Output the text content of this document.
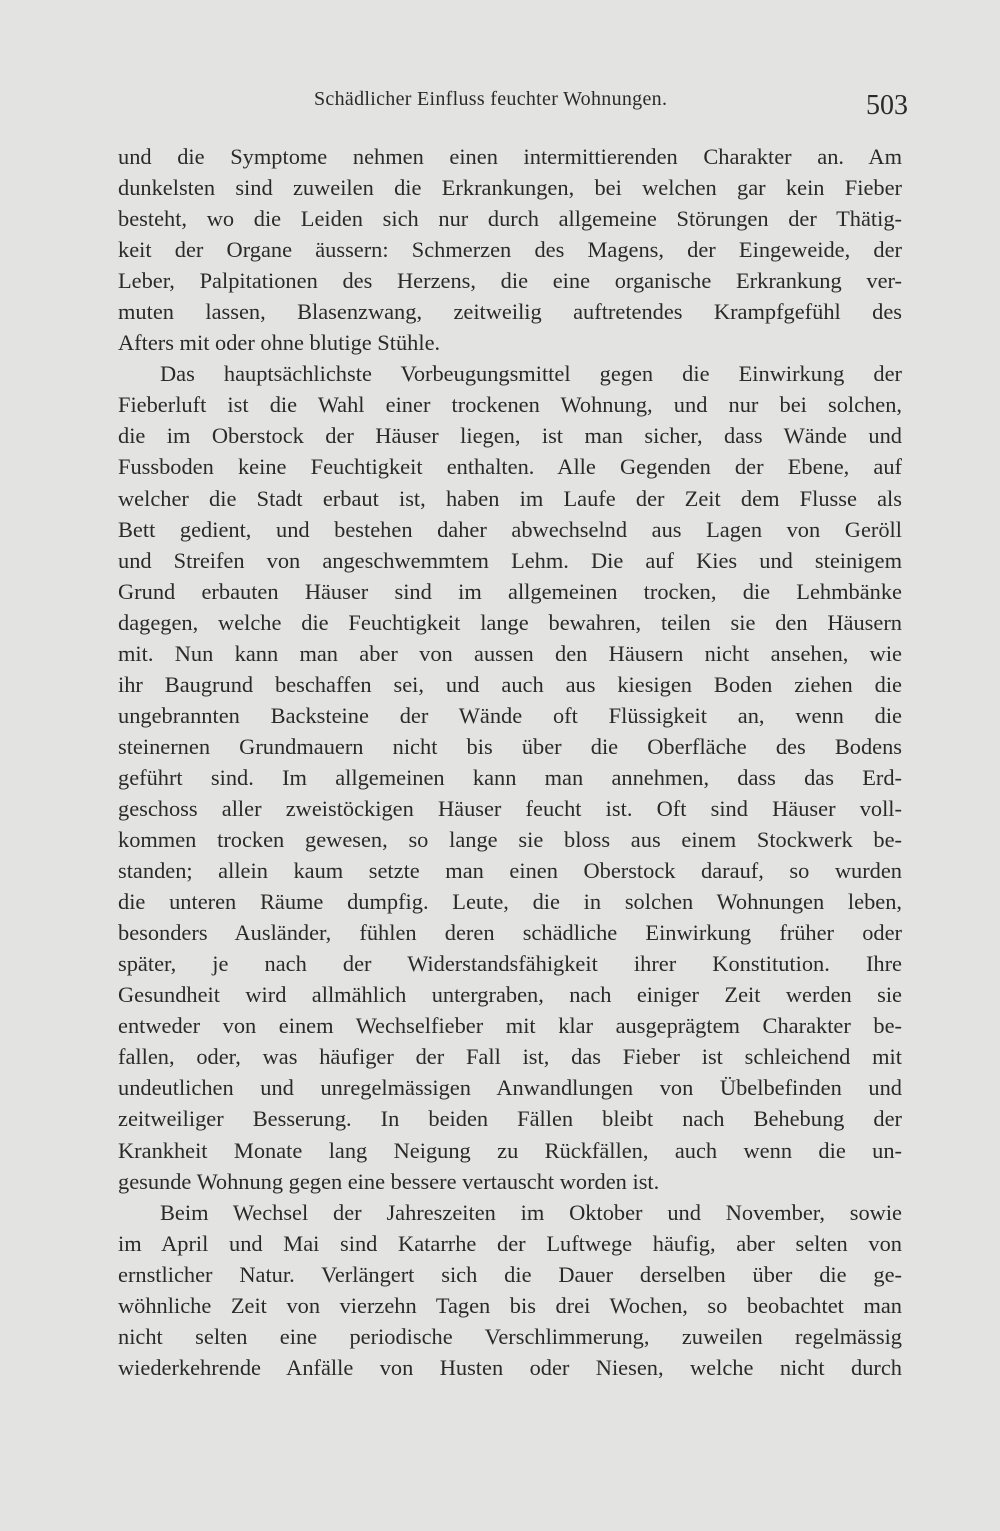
Schädlicher Einfluss feuchter Wohnungen.	503
und die Symptome nehmen einen intermittierenden Charakter an. Am
dunkelsten sind zuweilen die Erkrankungen, bei welchen gar kein Fieber
besteht, wo die Leiden sich nur durch allgemeine Störungen der Thätig-
keit der Organe äussern: Schmerzen des Magens, der Eingeweide, der
Leber, Palpitationen des Herzens, die eine organische Erkrankung ver-
muten lassen, Blasenzwang, zeitweilig auftretendes Krampfgefühl des
Afters mit oder ohne blutige Stühle.
Das hauptsächlichste Vorbeugungsmittel gegen die Einwirkung der
Fieberluft ist die Wahl einer trockenen Wohnung, und nur bei solchen,
die im Oberstock der Häuser liegen, ist man sicher, dass Wände und
Fussboden keine Feuchtigkeit enthalten. Alle Gegenden der Ebene, auf
welcher die Stadt erbaut ist, haben im Laufe der Zeit dem Flusse als
Bett gedient, und bestehen daher abwechselnd aus Lagen von Geröll
und Streifen von angeschwemmtem Lehm. Die auf Kies und steinigem
Grund erbauten Häuser sind im allgemeinen trocken, die Lehmbänke
dagegen, welche die Feuchtigkeit lange bewahren, teilen sie den Häusern
mit. Nun kann man aber von aussen den Häusern nicht ansehen, wie
ihr Baugrund beschaffen sei, und auch aus kiesigen Boden ziehen die
ungebrannten Backsteine der Wände oft Flüssigkeit an, wenn die
steinernen Grundmauern nicht bis über die Oberfläche des Bodens
geführt sind. Im allgemeinen kann man annehmen, dass das Erd-
geschoss aller zweistöckigen Häuser feucht ist. Oft sind Häuser voll-
kommen trocken gewesen, so lange sie bloss aus einem Stockwerk be-
standen; allein kaum setzte man einen Oberstock darauf, so wurden
die unteren Räume dumpfig. Leute, die in solchen Wohnungen leben,
besonders Ausländer, fühlen deren schädliche Einwirkung früher oder
später, je nach der Widerstandsfähigkeit ihrer Konstitution. Ihre
Gesundheit wird allmählich untergraben, nach einiger Zeit werden sie
entweder von einem Wechselfieber mit klar ausgeprägtem Charakter be-
fallen, oder, was häufiger der Fall ist, das Fieber ist schleichend mit
undeutlichen und unregelmässigen Anwandlungen von Übelbefinden und
zeitweiliger Besserung. In beiden Fällen bleibt nach Behebung der
Krankheit Monate lang Neigung zu Rückfällen, auch wenn die un-
gesunde Wohnung gegen eine bessere vertauscht worden ist.
Beim Wechsel der Jahreszeiten im Oktober und November, sowie
im April und Mai sind Katarrhe der Luftwege häufig, aber selten von
ernstlicher Natur. Verlängert sich die Dauer derselben über die ge-
wöhnliche Zeit von vierzehn Tagen bis drei Wochen, so beobachtet man
nicht selten eine periodische Verschlimmerung, zuweilen regelmässig
wiederkehrende Anfälle von Husten oder Niesen, welche nicht durch
